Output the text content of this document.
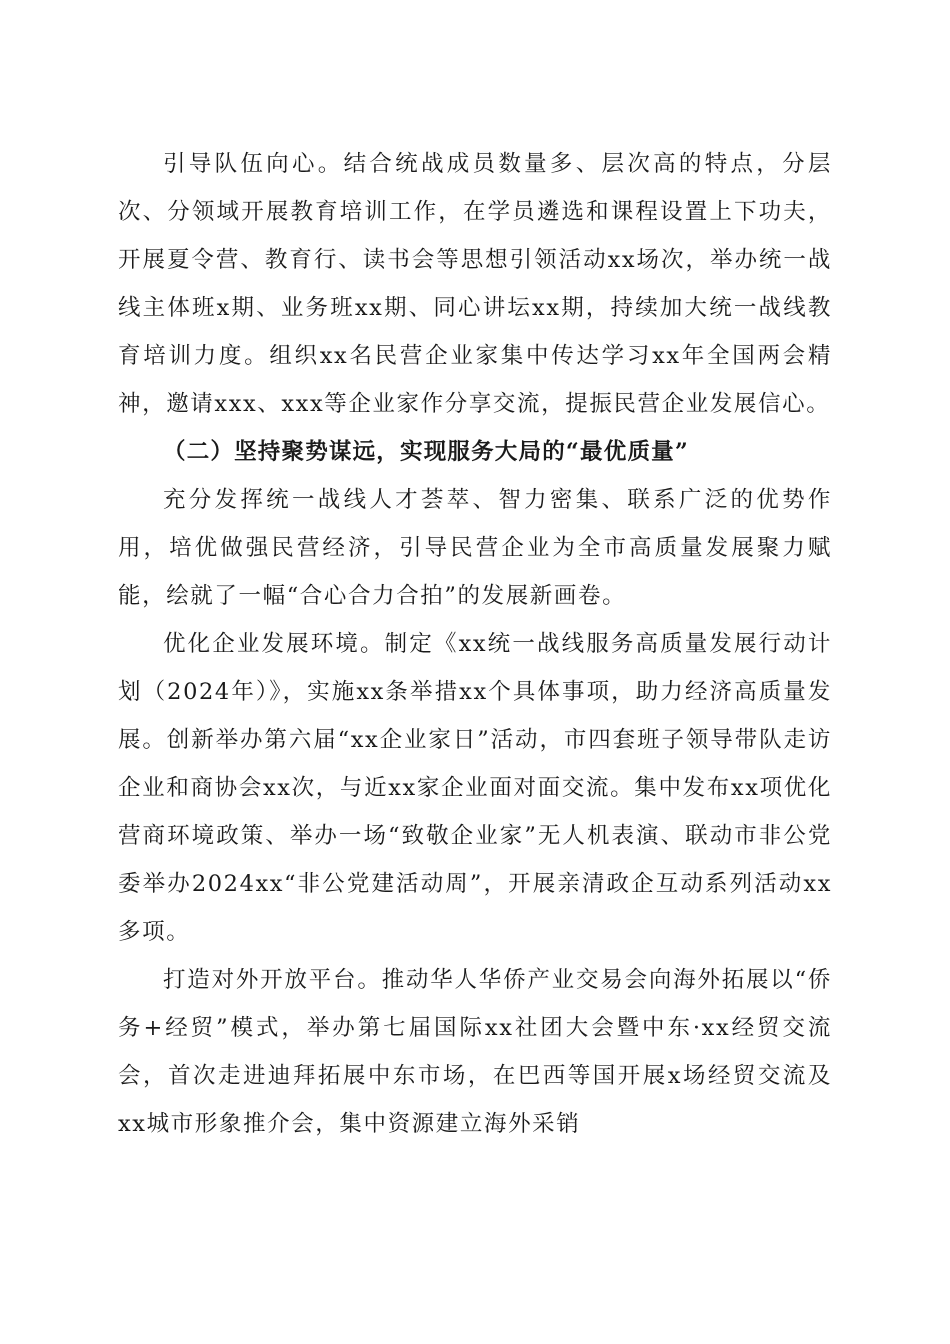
引导队伍向心。结合统战成员数量多、层次高的特点，分层次、分领域开展教育培训工作，在学员遴选和课程设置上下功夫，开展夏令营、教育行、读书会等思想引领活动xx场次，举办统一战线主体班x期、业务班xx期、同心讲坛xx期，持续加大统一战线教育培训力度。组织xx名民营企业家集中传达学习xx年全国两会精神，邀请xxx、xxx等企业家作分享交流，提振民营企业发展信心。

（二）坚持聚势谋远，实现服务大局的“最优质量”

充分发挥统一战线人才荟萃、智力密集、联系广泛的优势作用，培优做强民营经济，引导民营企业为全市高质量发展聚力赋能，绘就了一幅“合心合力合拍”的发展新画卷。

优化企业发展环境。制定《xx统一战线服务高质量发展行动计划（2024年）》，实施xx条举措xx个具体事项，助力经济高质量发展。创新举办第六届“xx企业家日”活动，市四套班子领导带队走访企业和商协会xx次，与近xx家企业面对面交流。集中发布xx项优化营商环境政策、举办一场“致敬企业家”无人机表演、联动市非公党委举办2024xx“非公党建活动周”，开展亲清政企互动系列活动xx多项。

打造对外开放平台。推动华人华侨产业交易会向海外拓展以“侨务+经贸”模式，举办第七届国际xx社团大会暨中东·xx经贸交流会，首次走进迪拜拓展中东市场，在巴西等国开展x场经贸交流及xx城市形象推介会，集中资源建立海外采销
